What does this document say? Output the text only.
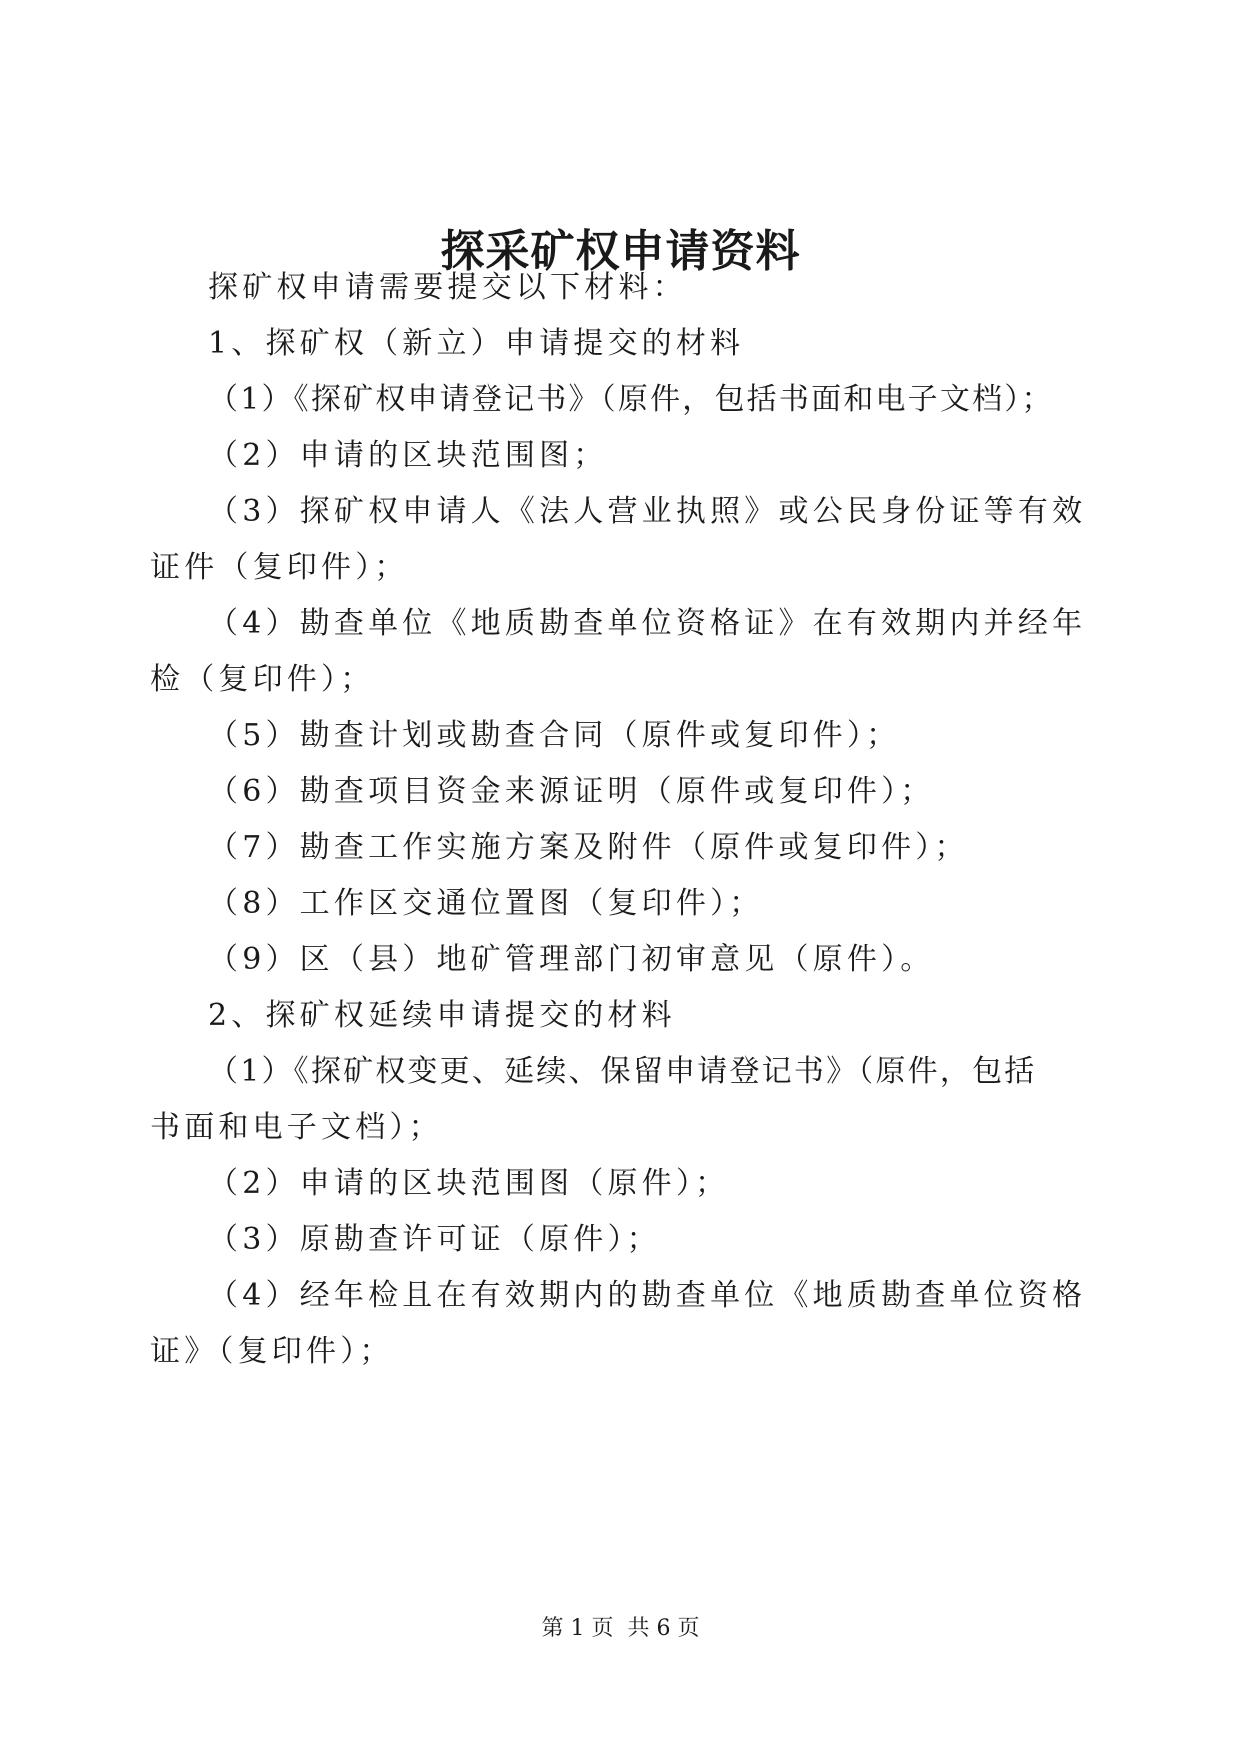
探采矿权申请资料

探矿权申请需要提交以下材料：

1、探矿权（新立）申请提交的材料

（1）《探矿权申请登记书》（原件，包括书面和电子文档）；

（2）申请的区块范围图；

（3）探矿权申请人《法人营业执照》或公民身份证等有效

证件（复印件）；

（4）勘查单位《地质勘查单位资格证》在有效期内并经年

检（复印件）；

（5）勘查计划或勘查合同（原件或复印件）；

（6）勘查项目资金来源证明（原件或复印件）；

（7）勘查工作实施方案及附件（原件或复印件）；

（8）工作区交通位置图（复印件）；

（9）区（县）地矿管理部门初审意见（原件）。

2、探矿权延续申请提交的材料

（1）《探矿权变更、延续、保留申请登记书》（原件，包括

书面和电子文档）；

（2）申请的区块范围图（原件）；

（3）原勘查许可证（原件）；

（4）经年检且在有效期内的勘查单位《地质勘查单位资格

证》（复印件）；

第 1 页 共 6 页
